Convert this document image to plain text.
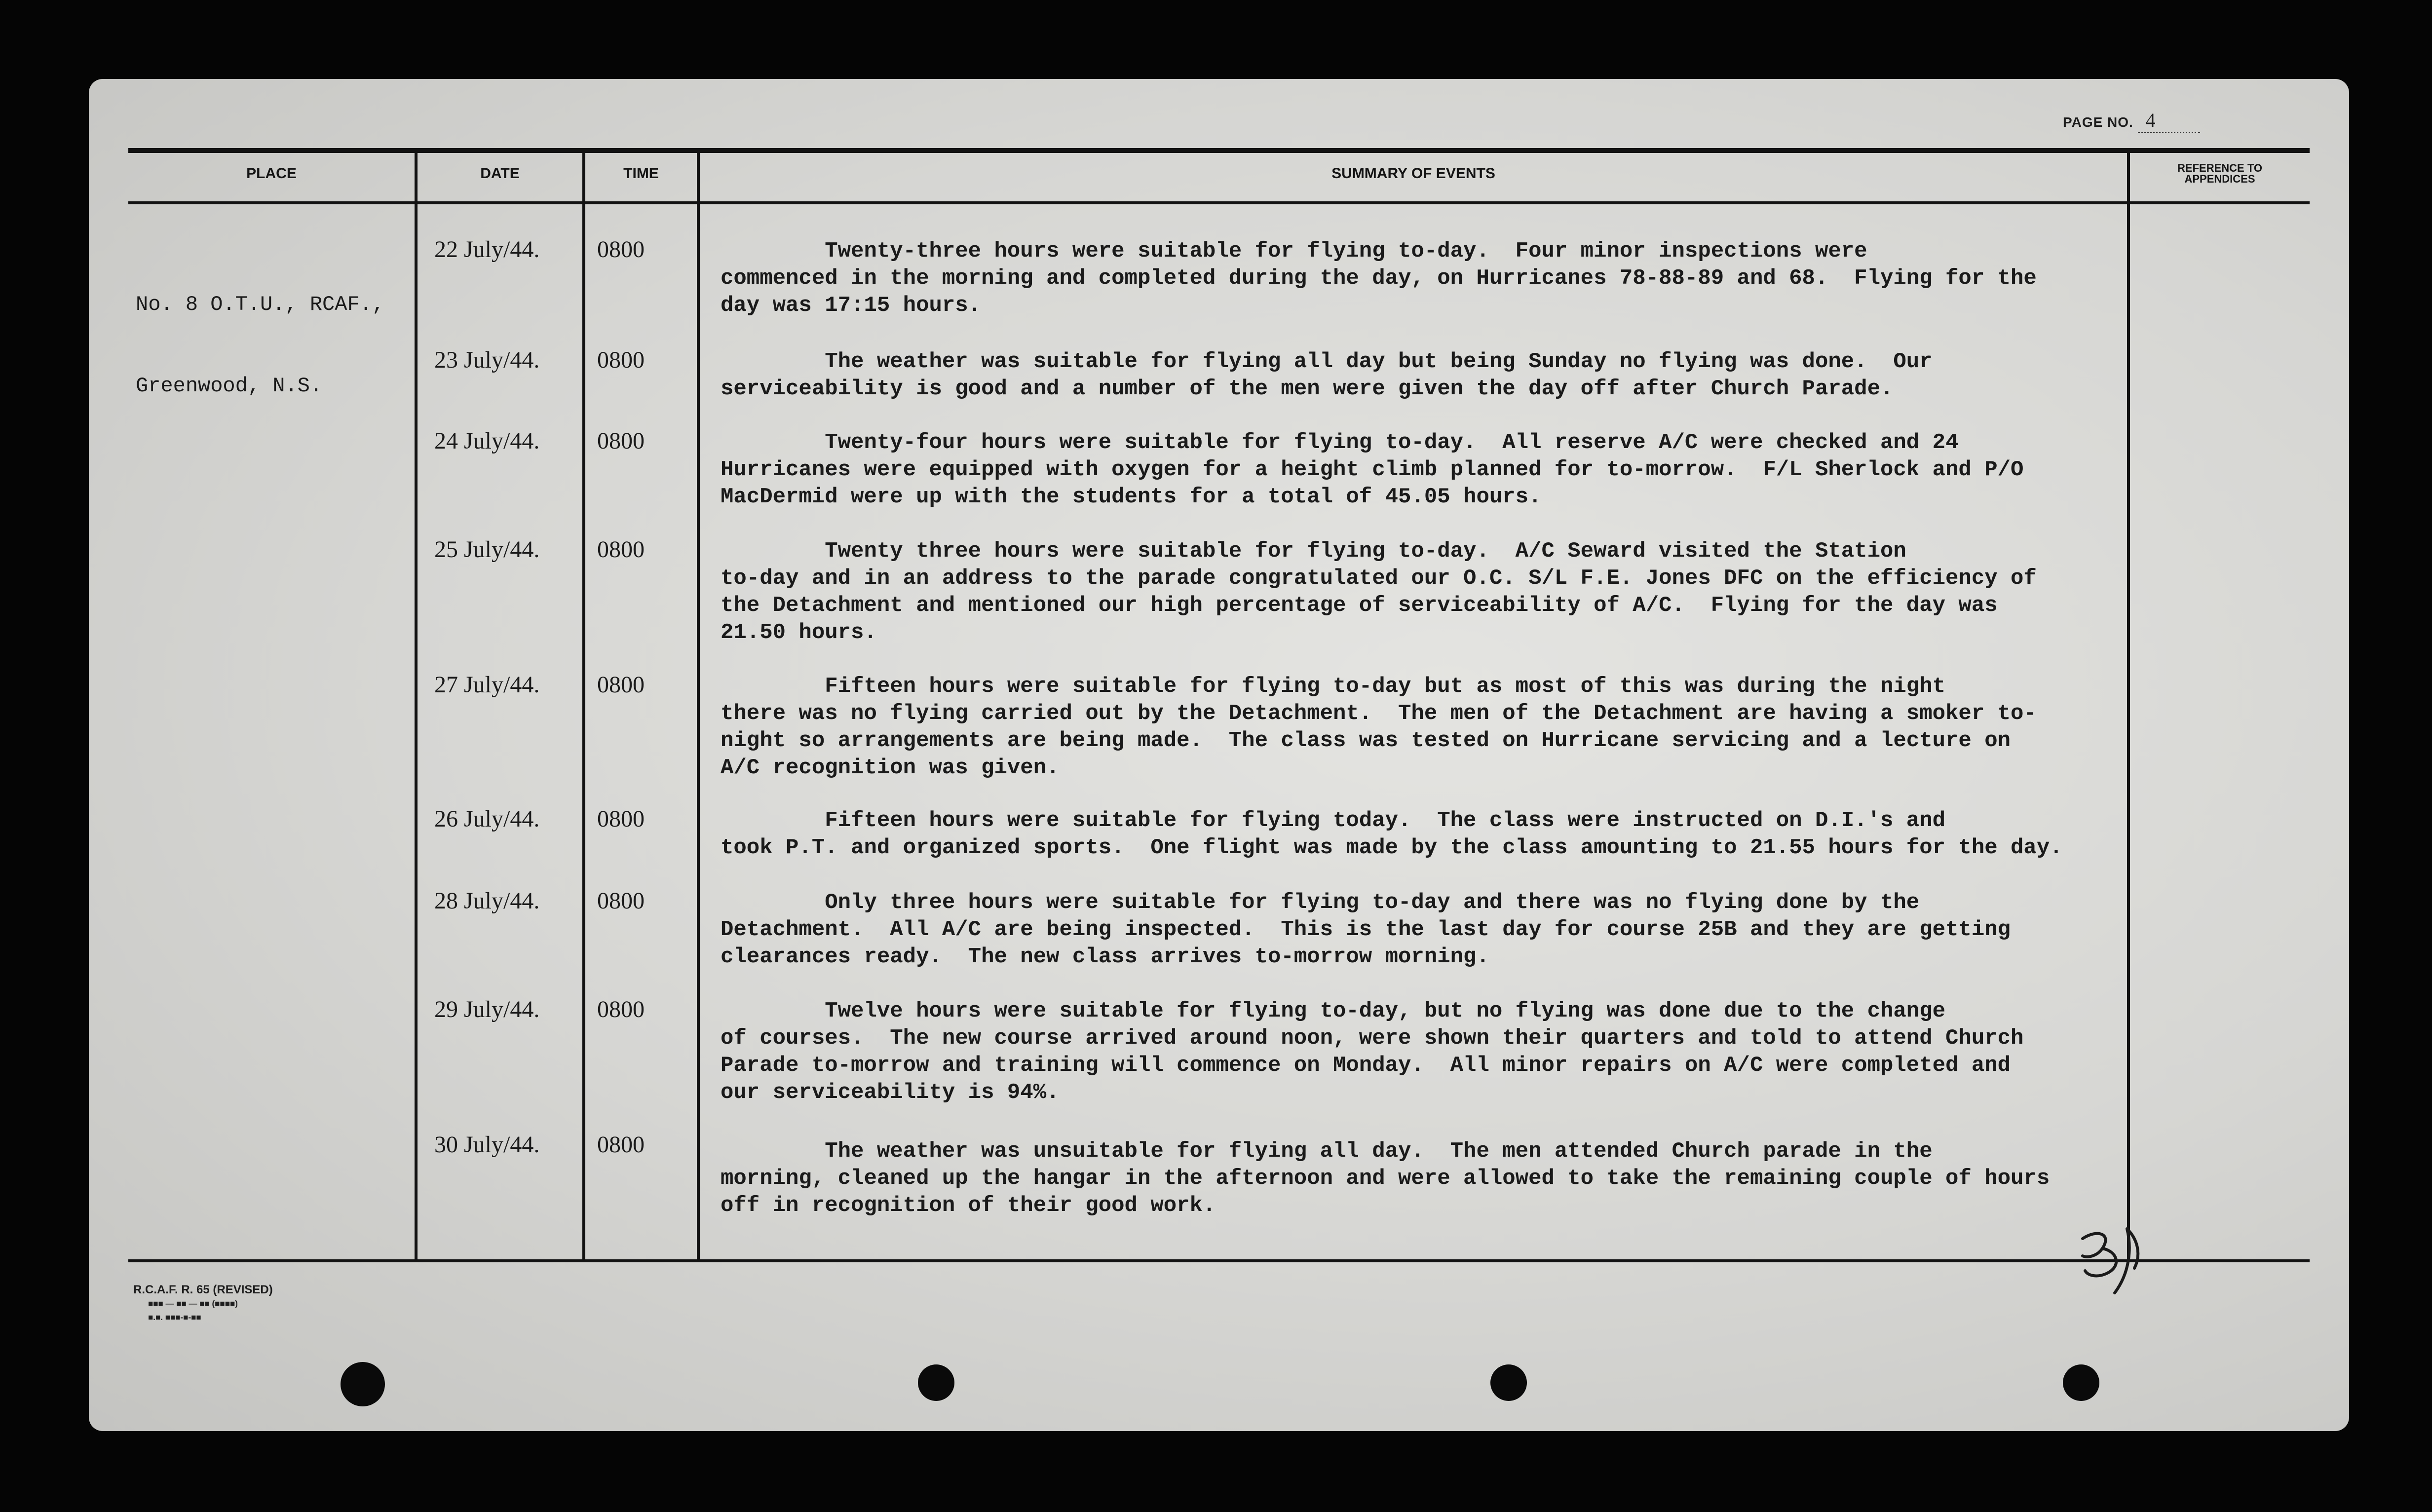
PAGE NO. 4
PLACE	DATE	TIME	SUMMARY OF EVENTS	REFERENCE TO
APPENDICES

No. 8 O.T.U., RCAF.,

Greenwood, N.S.

22 July/44. 0800	Twenty-three hours were suitable for flying to-day.  Four minor inspections were
commenced in the morning and completed during the day, on Hurricanes 78-88-89 and 68.  Flying for the
day was 17:15 hours.
23 July/44. 0800	The weather was suitable for flying all day but being Sunday no flying was done.  Our
serviceability is good and a number of the men were given the day off after Church Parade.
24 July/44. 0800	Twenty-four hours were suitable for flying to-day.  All reserve A/C were checked and 24
Hurricanes were equipped with oxygen for a height climb planned for to-morrow.  F/L Sherlock and P/O
MacDermid were up with the students for a total of 45.05 hours.
25 July/44. 0800	Twenty three hours were suitable for flying to-day.  A/C Seward visited the Station
to-day and in an address to the parade congratulated our O.C. S/L F.E. Jones DFC on the efficiency of
the Detachment and mentioned our high percentage of serviceability of A/C.  Flying for the day was
21.50 hours.
27 July/44. 0800	Fifteen hours were suitable for flying to-day but as most of this was during the night
there was no flying carried out by the Detachment.  The men of the Detachment are having a smoker to-
night so arrangements are being made.  The class was tested on Hurricane servicing and a lecture on
A/C recognition was given.
26 July/44. 0800	Fifteen hours were suitable for flying today.  The class were instructed on D.I.'s and
took P.T. and organized sports.  One flight was made by the class amounting to 21.55 hours for the day.
28 July/44. 0800	Only three hours were suitable for flying to-day and there was no flying done by the
Detachment.  All A/C are being inspected.  This is the last day for course 25B and they are getting
clearances ready.  The new class arrives to-morrow morning.
29 July/44. 0800	Twelve hours were suitable for flying to-day, but no flying was done due to the change
of courses.  The new course arrived around noon, were shown their quarters and told to attend Church
Parade to-morrow and training will commence on Monday.  All minor repairs on A/C were completed and
our serviceability is 94%.
30 July/44. 0800	The weather was unsuitable for flying all day.  The men attended Church parade in the
morning, cleaned up the hangar in the afternoon and were allowed to take the remaining couple of hours
off in recognition of their good work.
R.C.A.F. R. 65 (REVISED)
■■■ — ■■ — ■■ (■■■■)
■.■. ■■■-■-■■
